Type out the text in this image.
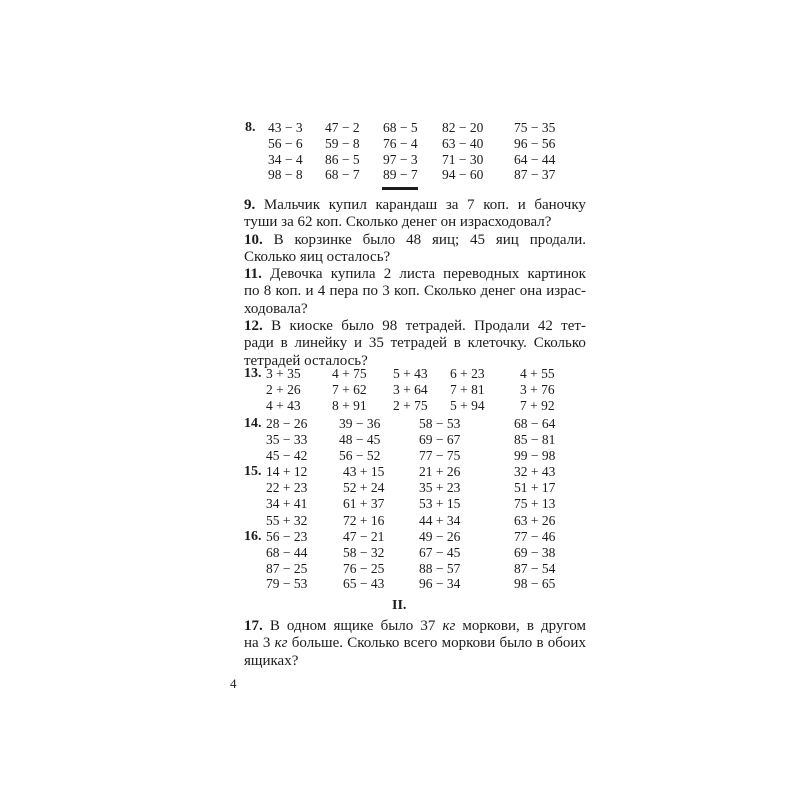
8. 43 − 3
56 − 6
34 − 4
98 − 8
47 − 2
59 − 8
86 − 5
68 − 7
68 − 5
76 − 4
97 − 3
89 − 7
82 − 20
63 − 40
71 − 30
94 − 60
75 − 35
96 − 56
64 − 44
87 − 37
9. Мальчик купил карандаш за 7 коп. и баночку
туши за 62 коп. Сколько денег он израсходовал?
10. В корзинке было 48 яиц; 45 яиц продали.
Сколько яиц осталось?
11. Девочка купила 2 листа переводных картинок
по 8 коп. и 4 пера по 3 коп. Сколько денег она израс-
ходовала?
12. В киоске было 98 тетрадей. Продали 42 тет-
ради в линейку и 35 тетрадей в клеточку. Сколько
тетрадей осталось?
13. 3 + 35
2 + 26
4 + 43
4 + 75
7 + 62
8 + 91
5 + 43
3 + 64
2 + 75
6 + 23
7 + 81
5 + 94
4 + 55
3 + 76
7 + 92
14. 28 − 26
35 − 33
45 − 42
39 − 36
48 − 45
56 − 52
58 − 53
69 − 67
77 − 75
68 − 64
85 − 81
99 − 98
15. 14 + 12
22 + 23
34 + 41
55 + 32
43 + 15
52 + 24
61 + 37
72 + 16
21 + 26
35 + 23
53 + 15
44 + 34
32 + 43
51 + 17
75 + 13
63 + 26
16. 56 − 23
68 − 44
87 − 25
79 − 53
47 − 21
58 − 32
76 − 25
65 − 43
49 − 26
67 − 45
88 − 57
96 − 34
77 − 46
69 − 38
87 − 54
98 − 65
II.
17. В одном ящике было 37 кг моркови, в другом
на 3 кг больше. Сколько всего моркови было в обоих
ящиках?
4
